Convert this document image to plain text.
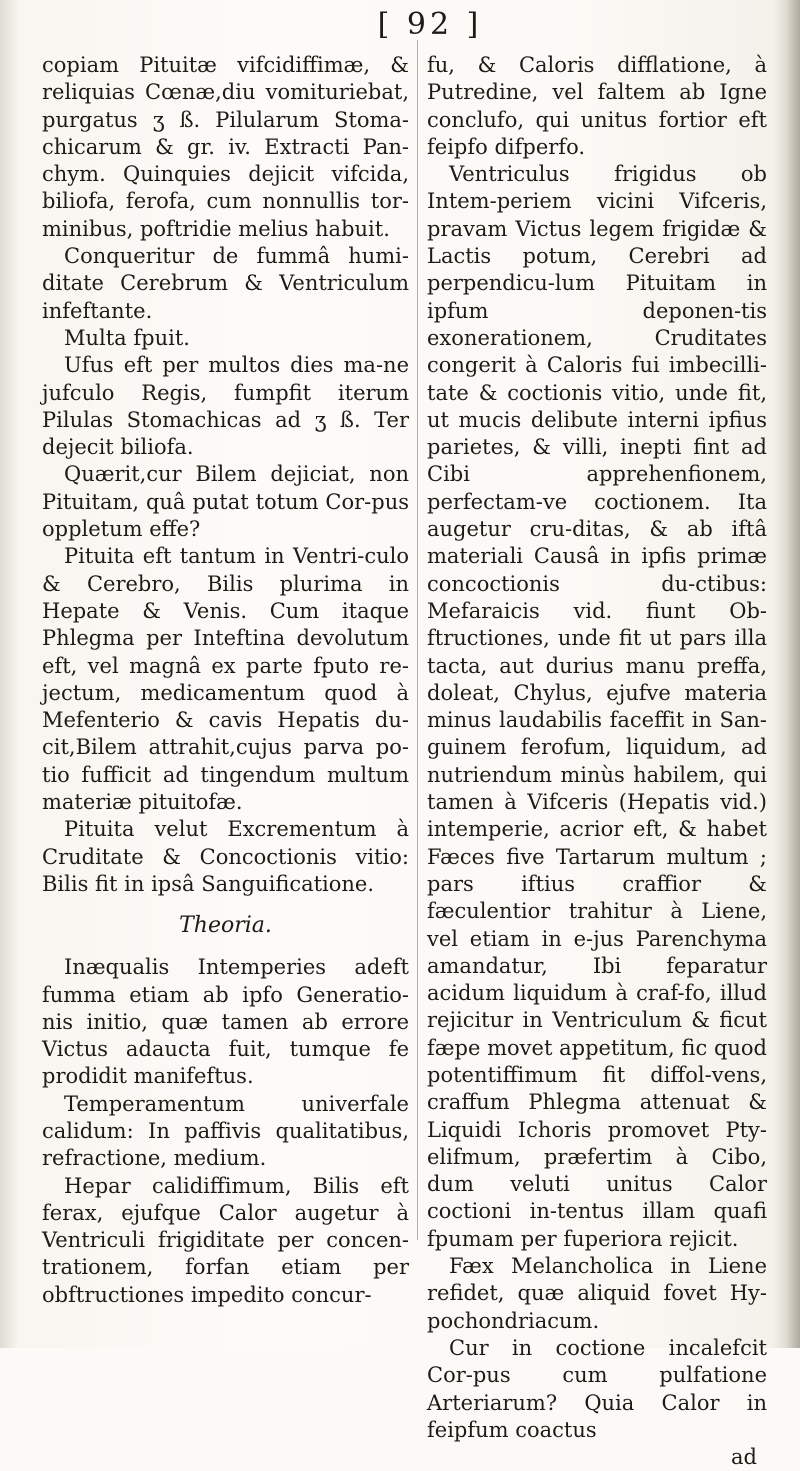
[ 92 ]

copiam Pituitæ vifcidiffimæ, & reliquias Cœnæ,diu vomituriebat, purgatus ʒ ß. Pilularum Stoma-chicarum & gr. iv. Extracti Pan-chym. Quinquies dejicit vifcida, biliofa, ferofa, cum nonnullis tor-minibus, poftridie melius habuit.

Conqueritur de fummâ humi-ditate Cerebrum & Ventriculum infeftante.

Multa fpuit.

Ufus eft per multos dies ma-ne jufculo Regis, fumpfit iterum Pilulas Stomachicas ad ʒ ß. Ter dejecit biliofa.

Quærit,cur Bilem dejiciat, non Pituitam, quâ putat totum Cor-pus oppletum effe?

Pituita eft tantum in Ventri-culo & Cerebro, Bilis plurima in Hepate & Venis. Cum itaque Phlegma per Inteftina devolutum eft, vel magnâ ex parte fputo re-jectum, medicamentum quod à Mefenterio & cavis Hepatis du-cit,Bilem attrahit,cujus parva po-tio fufficit ad tingendum multum materiæ pituitofæ.

Pituita velut Excrementum à Cruditate & Concoctionis vitio: Bilis fit in ipsâ Sanguificatione.

Theoria.

Inæqualis Intemperies adeft fumma etiam ab ipfo Generatio-nis initio, quæ tamen ab errore Victus adaucta fuit, tumque fe prodidit manifeftus.

Temperamentum univerfale calidum: In paffivis qualitatibus, refractione, medium.

Hepar calidiffimum, Bilis eft ferax, ejufque Calor augetur à Ventriculi frigiditate per concen-trationem, forfan etiam per obftructiones impedito concur-

fu, & Caloris difflatione, à Putredine, vel faltem ab Igne conclufo, qui unitus fortior eft feipfo difperfo.

Ventriculus frigidus ob Intem-periem vicini Vifceris, pravam Victus legem frigidæ & Lactis potum, Cerebri ad perpendicu-lum Pituitam in ipfum deponen-tis exonerationem, Cruditates congerit à Caloris fui imbecilli-tate & coctionis vitio, unde fit, ut mucis delibute interni ipfius parietes, & villi, inepti fint ad Cibi apprehenfionem, perfectam-ve coctionem. Ita augetur cru-ditas, & ab iftâ materiali Causâ in ipfis primæ concoctionis du-ctibus: Mefaraicis vid. fiunt Ob-ftructiones, unde fit ut pars illa tacta, aut durius manu preffa, doleat, Chylus, ejufve materia minus laudabilis faceffit in San-guinem ferofum, liquidum, ad nutriendum minùs habilem, qui tamen à Vifceris (Hepatis vid.) intemperie, acrior eft, & habet Fæces five Tartarum multum ; pars iftius craffior & fæculentior trahitur à Liene, vel etiam in e-jus Parenchyma amandatur, Ibi feparatur acidum liquidum à craf-fo, illud rejicitur in Ventriculum & ficut fæpe movet appetitum, fic quod potentiffimum fit diffol-vens, craffum Phlegma attenuat & Liquidi Ichoris promovet Pty-elifmum, præfertim à Cibo, dum veluti unitus Calor coctioni in-tentus illam quafi fpumam per fuperiora rejicit.

Fæx Melancholica in Liene refidet, quæ aliquid fovet Hy-pochondriacum.

Cur in coctione incalefcit Cor-pus cum pulfatione Arteriarum? Quia Calor in feipfum coactus

ad
